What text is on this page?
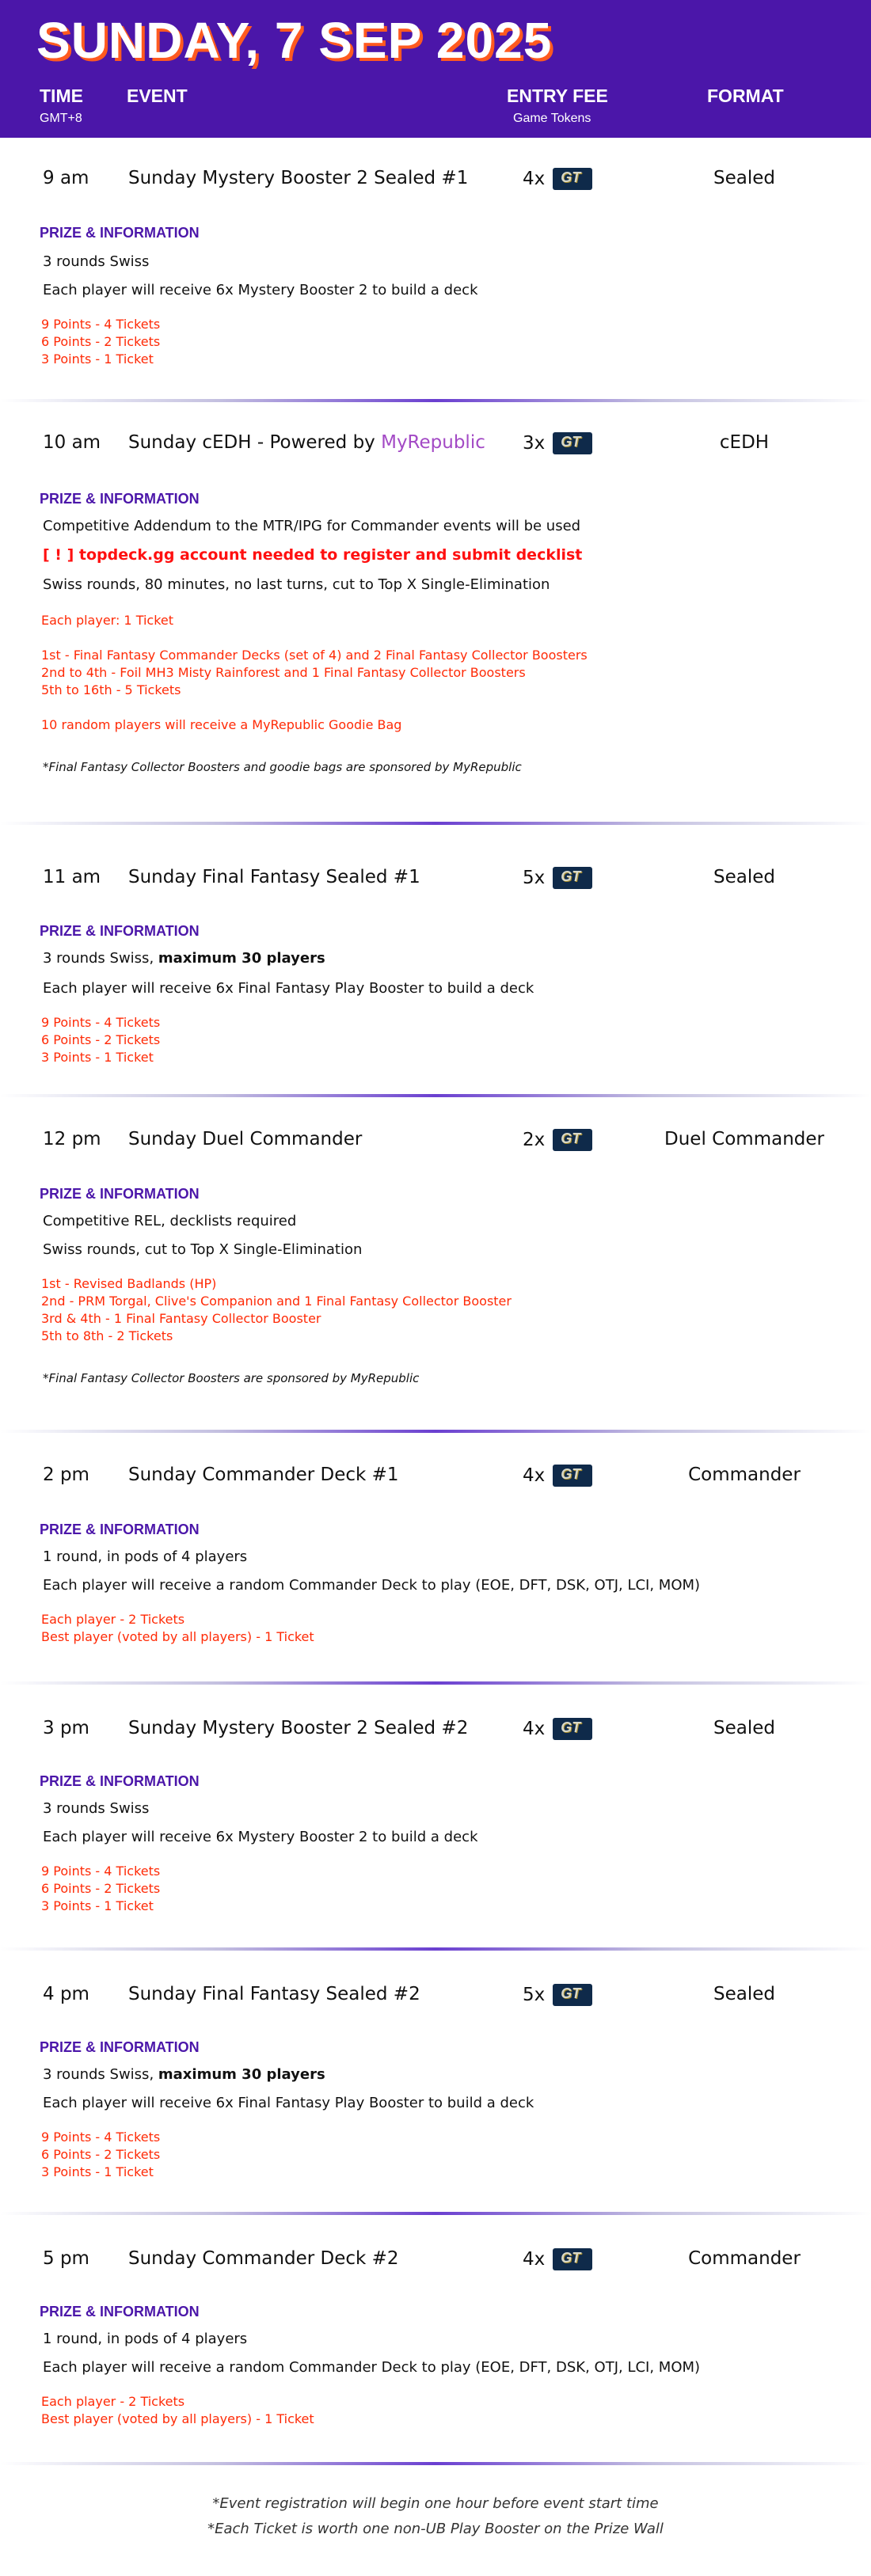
SUNDAY, 7 SEP 2025
TIME
GMT+8
EVENT	ENTRY FEE
Game Tokens
FORMAT
9 am Sunday Mystery Booster 2 Sealed #1	4x GT	Sealed
PRIZE & INFORMATION
3 rounds Swiss
Each player will receive 6x Mystery Booster 2 to build a deck
9 Points - 4 Tickets
6 Points - 2 Tickets
3 Points - 1 Ticket
10 am Sunday cEDH - Powered by MyRepublic 3x GT	cEDH
PRIZE & INFORMATION
Competitive Addendum to the MTR/IPG for Commander events will be used
[ ! ] topdeck.gg account needed to register and submit decklist
Swiss rounds, 80 minutes, no last turns, cut to Top X Single-Elimination
Each player: 1 Ticket
1st - Final Fantasy Commander Decks (set of 4) and 2 Final Fantasy Collector Boosters
2nd to 4th - Foil MH3 Misty Rainforest and 1 Final Fantasy Collector Boosters
5th to 16th - 5 Tickets
10 random players will receive a MyRepublic Goodie Bag
*Final Fantasy Collector Boosters and goodie bags are sponsored by MyRepublic
11 am Sunday Final Fantasy Sealed #1	5x GT	Sealed
PRIZE & INFORMATION
3 rounds Swiss, maximum 30 players
Each player will receive 6x Final Fantasy Play Booster to build a deck
9 Points - 4 Tickets
6 Points - 2 Tickets
3 Points - 1 Ticket
12 pm Sunday Duel Commander	2x GT	Duel Commander
PRIZE & INFORMATION
Competitive REL, decklists required
Swiss rounds, cut to Top X Single-Elimination
1st - Revised Badlands (HP)
2nd - PRM Torgal, Clive's Companion and 1 Final Fantasy Collector Booster
3rd & 4th - 1 Final Fantasy Collector Booster
5th to 8th - 2 Tickets
*Final Fantasy Collector Boosters are sponsored by MyRepublic
2 pm Sunday Commander Deck #1	4x GT	Commander
PRIZE & INFORMATION
1 round, in pods of 4 players
Each player will receive a random Commander Deck to play (EOE, DFT, DSK, OTJ, LCI, MOM)
Each player - 2 Tickets
Best player (voted by all players) - 1 Ticket
3 pm Sunday Mystery Booster 2 Sealed #2	4x GT	Sealed
PRIZE & INFORMATION
3 rounds Swiss
Each player will receive 6x Mystery Booster 2 to build a deck
9 Points - 4 Tickets
6 Points - 2 Tickets
3 Points - 1 Ticket
4 pm Sunday Final Fantasy Sealed #2	5x GT	Sealed
PRIZE & INFORMATION
3 rounds Swiss, maximum 30 players
Each player will receive 6x Final Fantasy Play Booster to build a deck
9 Points - 4 Tickets
6 Points - 2 Tickets
3 Points - 1 Ticket
5 pm Sunday Commander Deck #2	4x GT	Commander
PRIZE & INFORMATION
1 round, in pods of 4 players
Each player will receive a random Commander Deck to play (EOE, DFT, DSK, OTJ, LCI, MOM)
Each player - 2 Tickets
Best player (voted by all players) - 1 Ticket
*Event registration will begin one hour before event start time
*Each Ticket is worth one non-UB Play Booster on the Prize Wall
